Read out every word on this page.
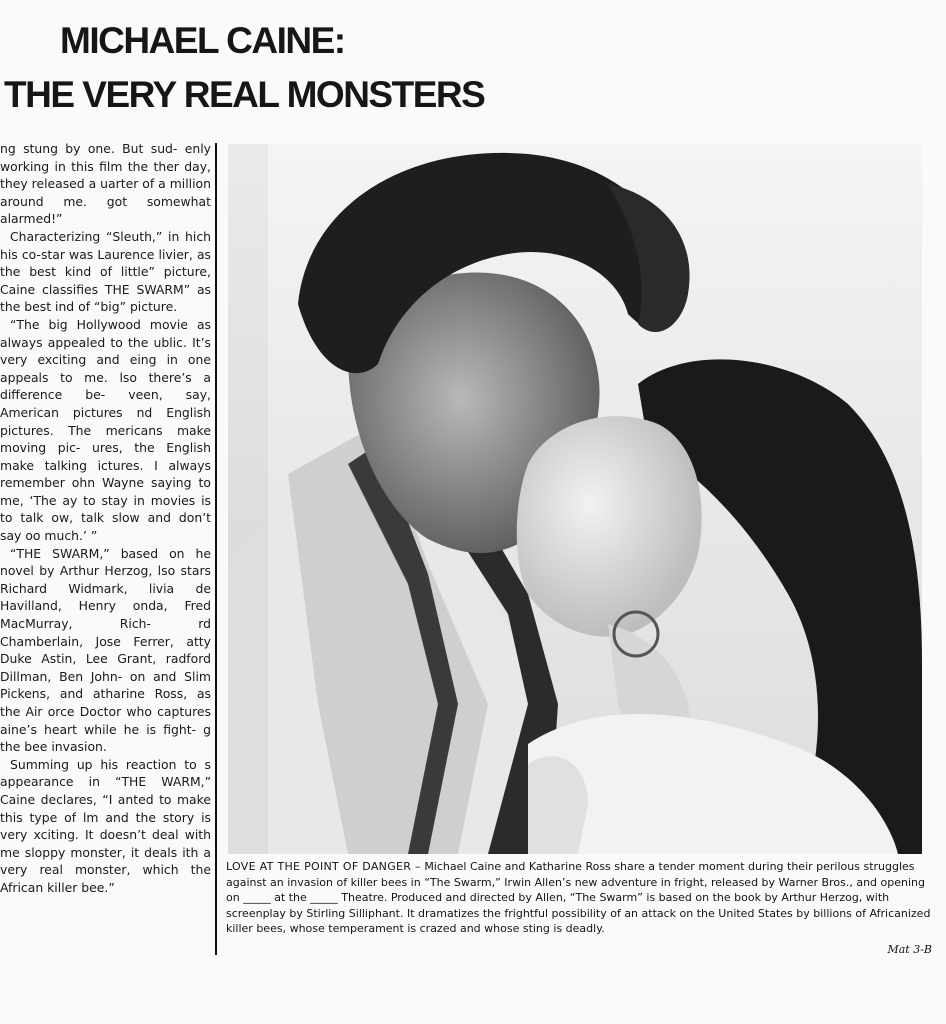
MICHAEL CAINE:
THE VERY REAL MONSTERS

ng stung by one. But sud- enly working in this film the ther day, they released a uarter of a million around me. got somewhat alarmed!”

Characterizing “Sleuth,” in hich his co-star was Laurence livier, as the best kind of little” picture, Caine classifies THE SWARM” as the best ind of “big” picture.

“The big Hollywood movie as always appealed to the ublic. It’s very exciting and eing in one appeals to me. lso there’s a difference be- veen, say, American pictures nd English pictures. The mericans make moving pic- ures, the English make talking ictures. I always remember ohn Wayne saying to me, ‘The ay to stay in movies is to talk ow, talk slow and don’t say oo much.’ ”

“THE SWARM,” based on he novel by Arthur Herzog, lso stars Richard Widmark, livia de Havilland, Henry onda, Fred MacMurray, Rich- rd Chamberlain, Jose Ferrer, atty Duke Astin, Lee Grant, radford Dillman, Ben John- on and Slim Pickens, and atharine Ross, as the Air orce Doctor who captures aine’s heart while he is fight- g the bee invasion.

Summing up his reaction to s appearance in “THE WARM,” Caine declares, “I anted to make this type of lm and the story is very xciting. It doesn’t deal with me sloppy monster, it deals ith a very real monster, which the African killer bee.”

LOVE AT THE POINT OF DANGER – Michael Caine and Katharine Ross share a tender moment during their perilous struggles against an invasion of killer bees in “The Swarm,” Irwin Allen’s new adventure in fright, released by Warner Bros., and opening on _____ at the _____ Theatre. Produced and directed by Allen, “The Swarm” is based on the book by Arthur Herzog, with screenplay by Stirling Silliphant. It dramatizes the frightful possibility of an attack on the United States by billions of Africanized killer bees, whose temperament is crazed and whose sting is deadly.
Mat 3-B
